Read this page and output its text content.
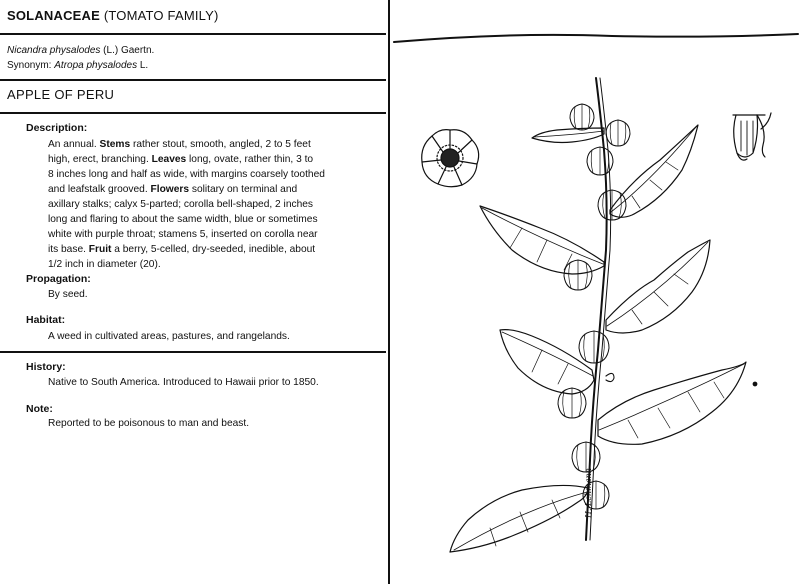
SOLANACEAE (TOMATO FAMILY)
Nicandra physalodes (L.) Gaertn.
Synonym: Atropa physalodes L.
APPLE OF PERU
Description:
An annual. Stems rather stout, smooth, angled, 2 to 5 feet
high, erect, branching. Leaves long, ovate, rather thin, 3 to
8 inches long and half as wide, with margins coarsely toothed
and leafstalk grooved. Flowers solitary on terminal and
axillary stalks; calyx 5-parted; corolla bell-shaped, 2 inches
long and flaring to about the same width, blue or sometimes
white with purple throat; stamens 5, inserted on corolla near
its base. Fruit a berry, 5-celled, dry-seeded, inedible, about
1/2 inch in diameter (20).
Propagation:
By seed.
Habitat:
A weed in cultivated areas, pastures, and rangelands.
History:
Native to South America. Introduced to Hawaii prior to 1850.
Note:
Reported to be poisonous to man and beast.
H. Lehmann
